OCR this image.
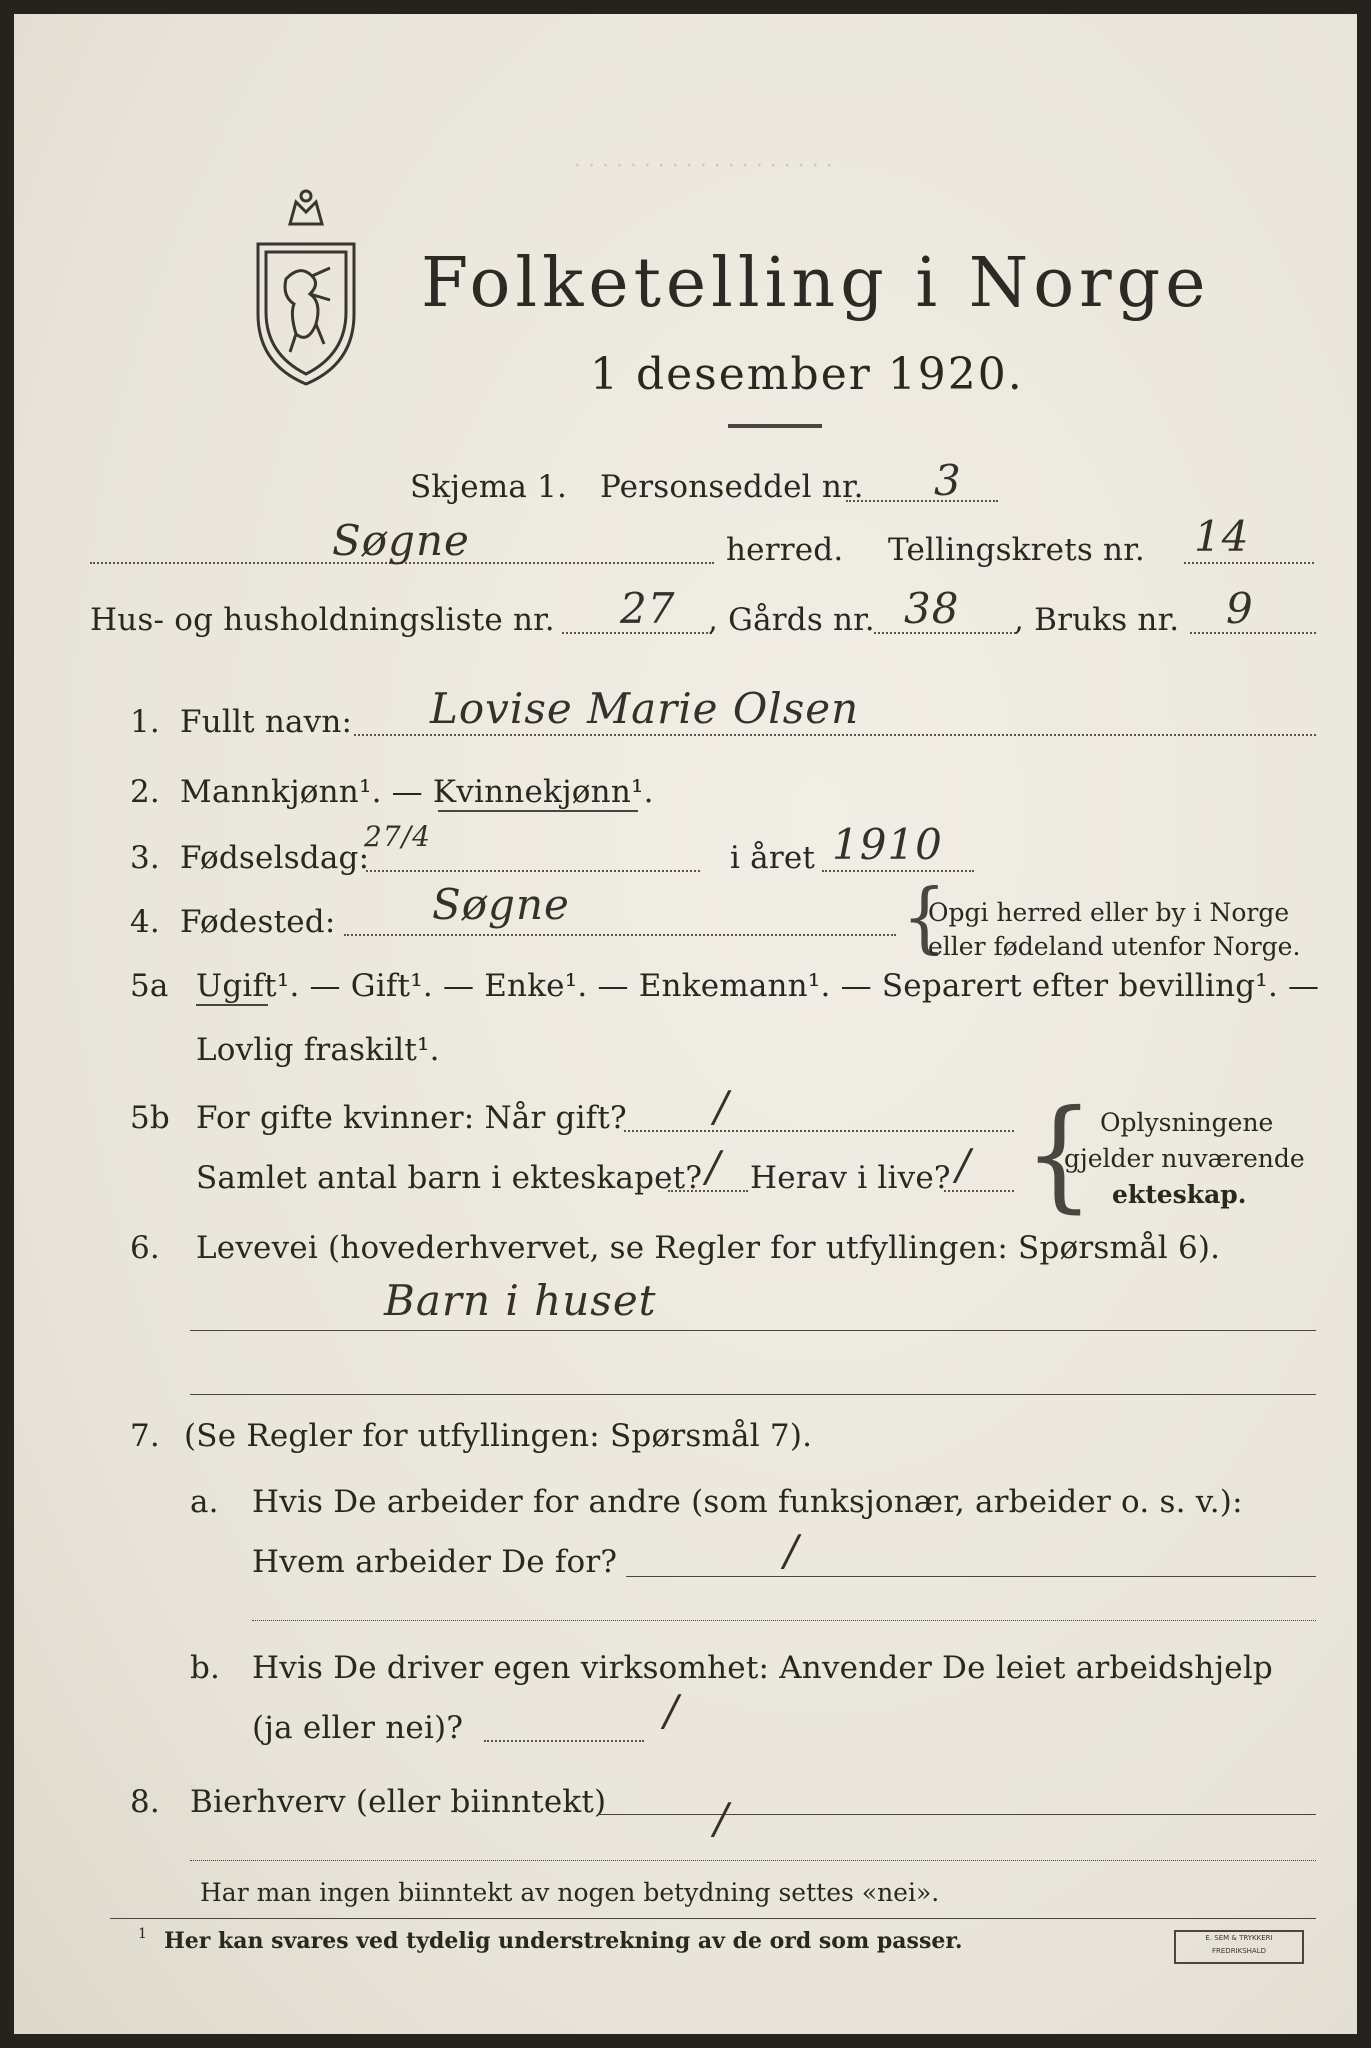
Folketelling i Norge
1 desember 1920.
· · · · · · · · · · · · · · · · · · ·
Skjema 1. Personseddel nr. 3
Søgne	herred. Tellingskrets nr. 14
Hus- og husholdningsliste nr. 27 , Gårds nr. 38 , Bruks nr. 9
1. Fullt navn: Lovise Marie Olsen
2. Mannkjønn¹. — Kvinnekjønn¹.
3. Fødselsdag:
27/4
i året 1910
4. Fødested: Søgne	{
Opgi herred eller by i Norge
eller fødeland utenfor Norge.
5a Ugift¹. — Gift¹. — Enke¹. — Enkemann¹. — Separert efter bevilling¹. —
Lovlig fraskilt¹.
5b For gifte kvinner: Når gift? /
Samlet antal barn i ekteskapet? / Herav i live? / { Oplysningene
gjelder nuværende
ekteskap.
6. Levevei (hovederhvervet, se Regler for utfyllingen: Spørsmål 6).
Barn i huset
7. (Se Regler for utfyllingen: Spørsmål 7).
a. Hvis De arbeider for andre (som funksjonær, arbeider o. s. v.):
Hvem arbeider De for?	/
b. Hvis De driver egen virksomhet: Anvender De leiet arbeidshjelp
(ja eller nei)?	/
8. Bierhverv (eller biinntekt)	/
Har man ingen biinntekt av nogen betydning settes «nei».
1 Her kan svares ved tydelig understrekning av de ord som passer.	E. SEM & TRYKKERI
FREDRIKSHALD
